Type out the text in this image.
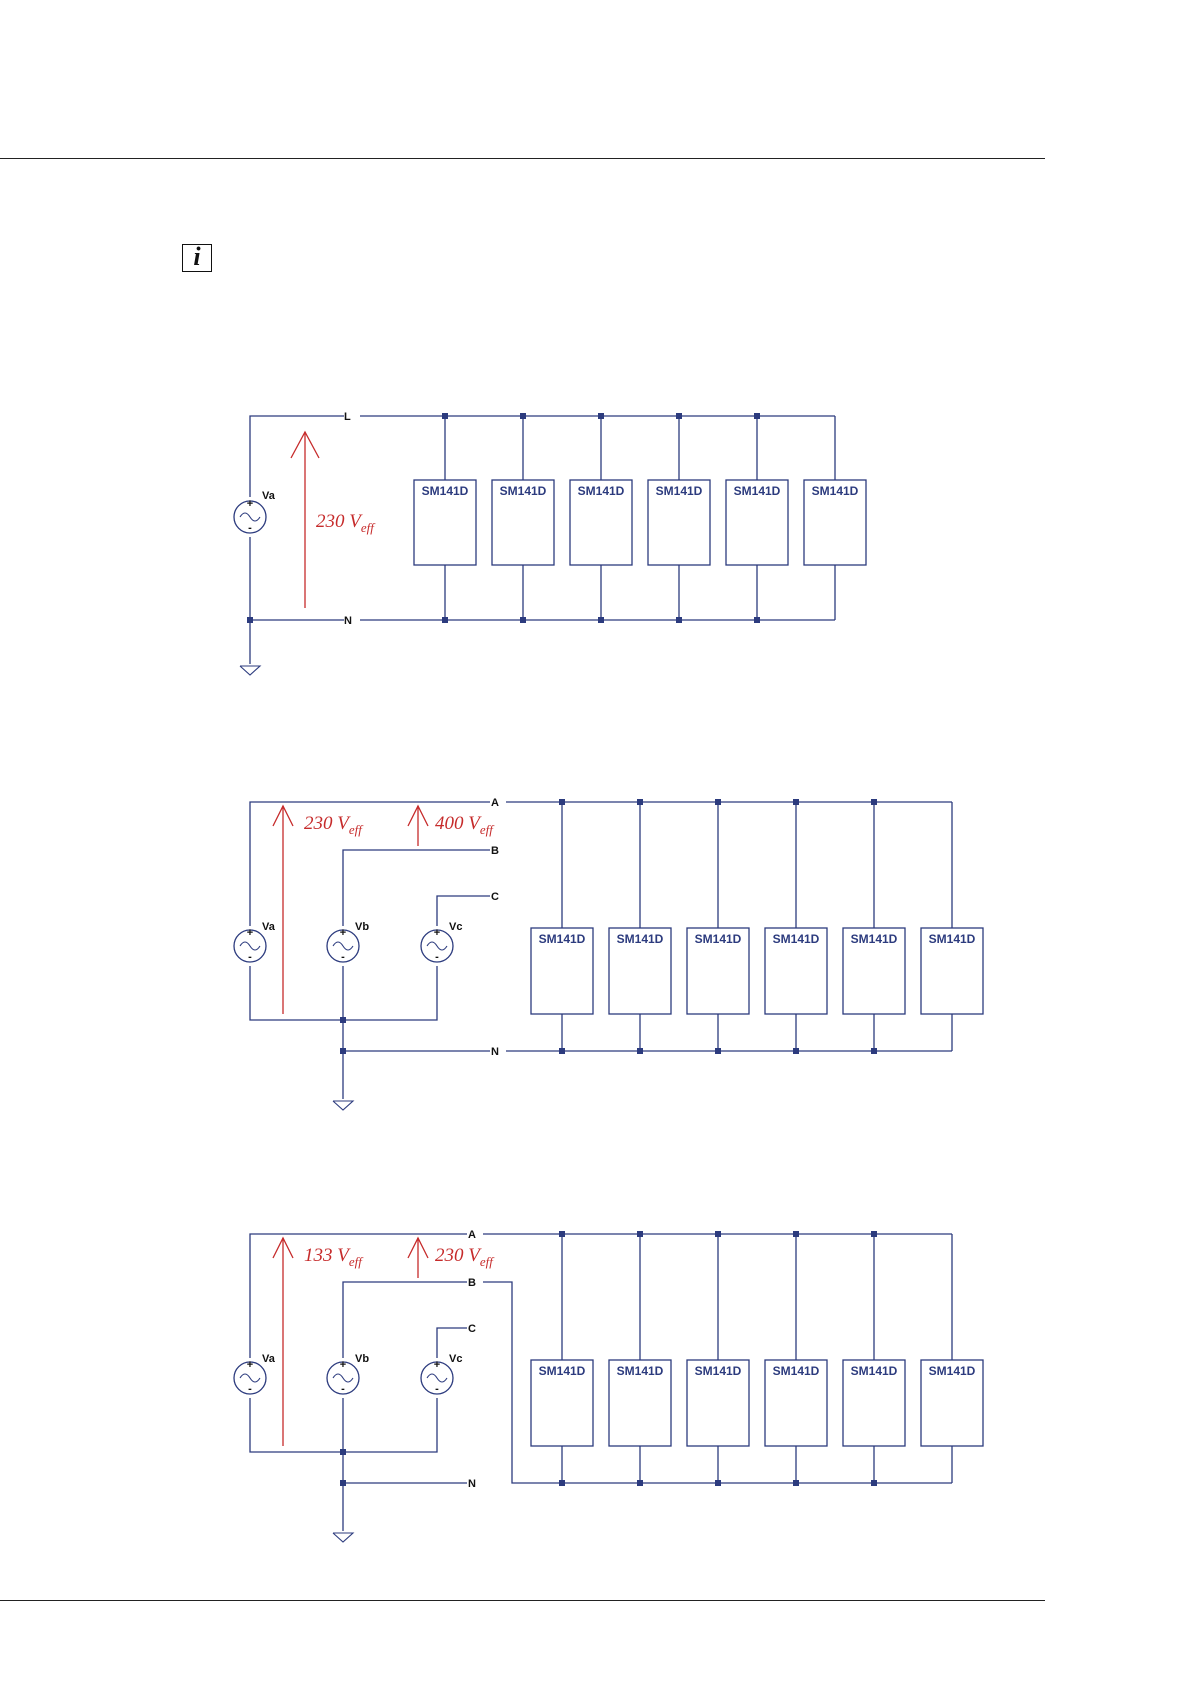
i
+
-
Va
L
N
230 $V_{eff}$
SM141D	SM141D	SM141D	SM141D	SM141D	SM141D
+
-
Va	+
-
Vb	+
-
Vc
A
B
C
N
230 $V_{eff}$	400 $V_{eff}$
SM141D	SM141D	SM141D	SM141D	SM141D	SM141D
+
-
Va	+
-
Vb	+
-
Vc
A
B
C
N
133 $V_{eff}$	230 $V_{eff}$
SM141D	SM141D	SM141D	SM141D	SM141D	SM141D
